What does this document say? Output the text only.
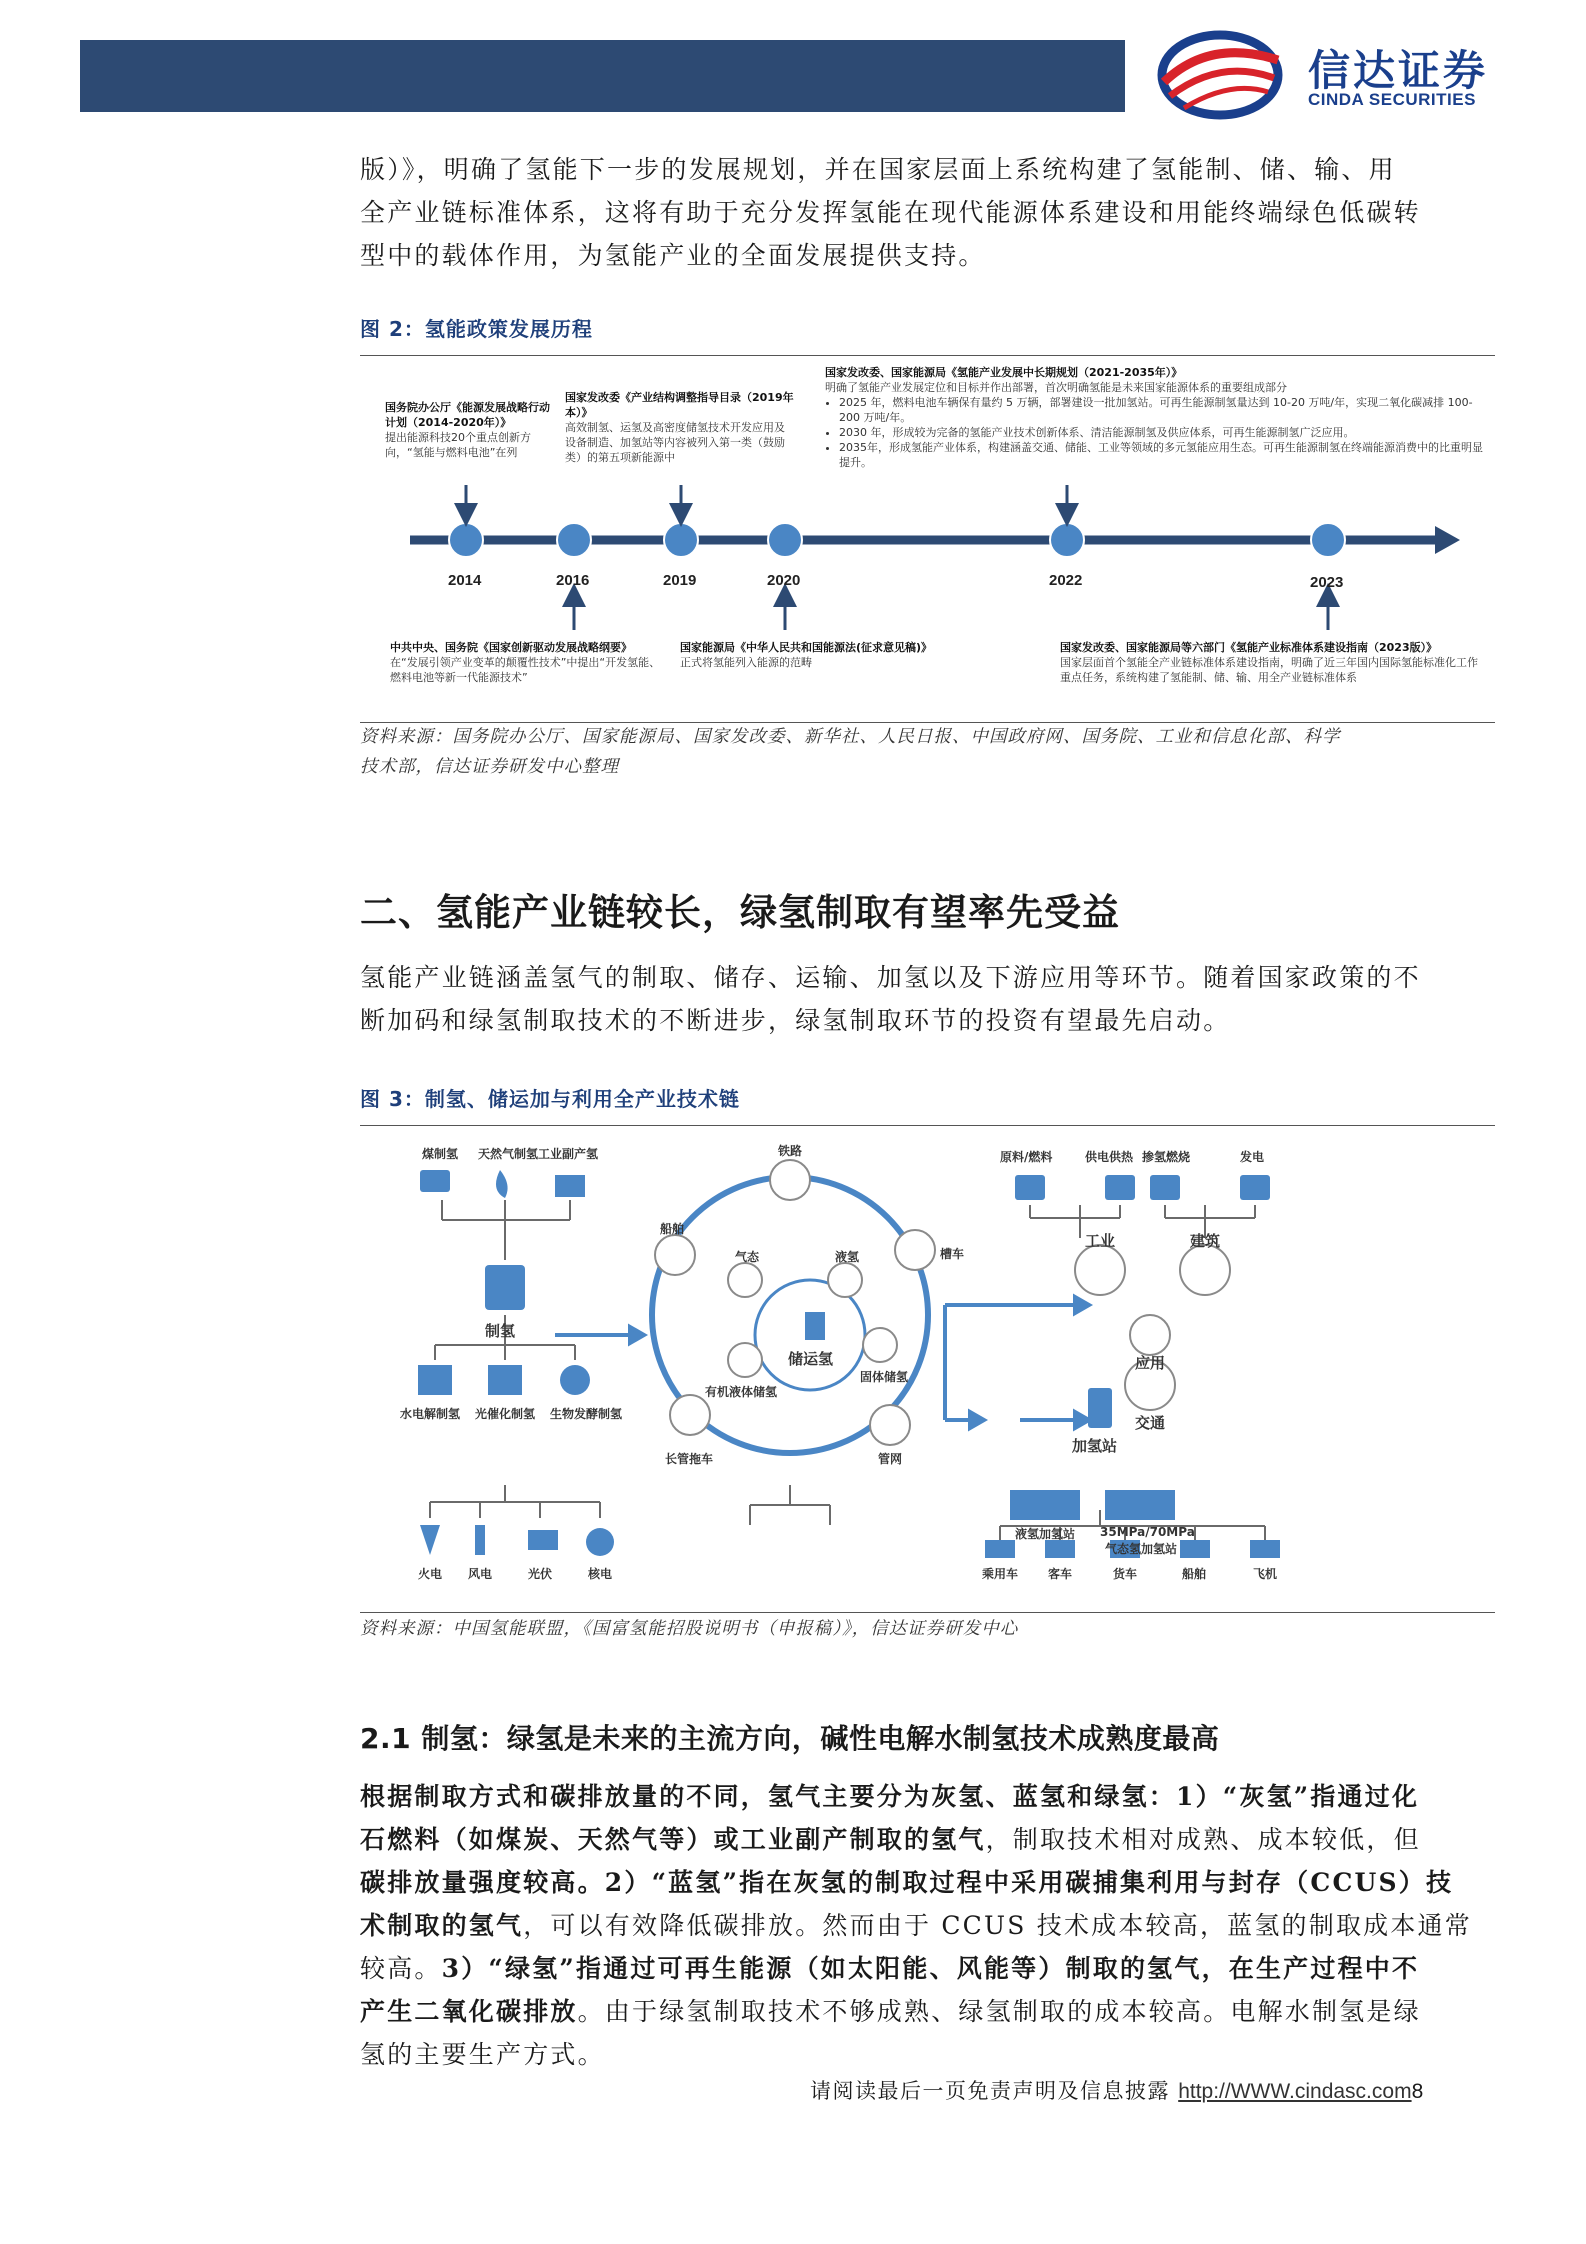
信达证券
CINDA SECURITIES
版）》，明确了氢能下一步的发展规划，并在国家层面上系统构建了氢能制、储、输、用
全产业链标准体系，这将有助于充分发挥氢能在现代能源体系建设和用能终端绿色低碳转
型中的载体作用，为氢能产业的全面发展提供支持。
图 2：氢能政策发展历程
国务院办公厅《能源发展战略行动计划（2014-2020年）》
提出能源科技20个重点创新方向，“氢能与燃料电池”在列
国家发改委《产业结构调整指导目录（2019年本）》
高效制氢、运氢及高密度储氢技术开发应用及设备制造、加氢站等内容被列入第一类（鼓励类）的第五项新能源中
国家发改委、国家能源局《氢能产业发展中长期规划（2021-2035年）》
明确了氢能产业发展定位和目标并作出部署，首次明确氢能是未来国家能源体系的重要组成部分
• 2025 年，燃料电池车辆保有量约 5 万辆，部署建设一批加氢站。可再生能源制氢量达到 10-20 万吨/年，实现二氧化碳减排 100-200 万吨/年。
• 2030 年，形成较为完备的氢能产业技术创新体系、清洁能源制氢及供应体系，可再生能源制氢广泛应用。
• 2035年，形成氢能产业体系，构建涵盖交通、储能、工业等领域的多元氢能应用生态。可再生能源制氢在终端能源消费中的比重明显提升。
2014	2016	2019	2020	2022	2023
中共中央、国务院《国家创新驱动发展战略纲要》
在“发展引领产业变革的颠覆性技术”中提出“开发氢能、燃料电池等新一代能源技术”
国家能源局《中华人民共和国能源法(征求意见稿)》
正式将氢能列入能源的范畴
国家发改委、国家能源局等六部门《氢能产业标准体系建设指南（2023版）》
国家层面首个氢能全产业链标准体系建设指南，明确了近三年国内国际氢能标准化工作重点任务，系统构建了氢能制、储、输、用全产业链标准体系
资料来源：国务院办公厅、国家能源局、国家发改委、新华社、人民日报、中国政府网、国务院、工业和信息化部、科学
技术部，信达证券研发中心整理
二、氢能产业链较长，绿氢制取有望率先受益
氢能产业链涵盖氢气的制取、储存、运输、加氢以及下游应用等环节。随着国家政策的不
断加码和绿氢制取技术的不断进步，绿氢制取环节的投资有望最先启动。
图 3：制氢、储运加与利用全产业技术链
煤制氢 天然气制氢 工业副产氢
制氢
水电解制氢 光催化制氢 生物发酵制氢
火电 风电	光伏	核电
铁路
槽车
管网
长管拖车
船舶
气态	液氢
固体储氢
有机液体储氢
储运氢
加氢站
液氢加氢站 35MPa/70MPa
气态氢加氢站
原料/燃料	供电供热 掺氢燃烧	发电
工业	建筑
应用
交通
乘用车 客车	货车	船舶	飞机
资料来源：中国氢能联盟，《国富氢能招股说明书（申报稿）》，信达证券研发中心
2.1 制氢：绿氢是未来的主流方向，碱性电解水制氢技术成熟度最高
根据制取方式和碳排放量的不同，氢气主要分为灰氢、蓝氢和绿氢：1）“灰氢”指通过化
石燃料（如煤炭、天然气等）或工业副产制取的氢气，制取技术相对成熟、成本较低，但
碳排放量强度较高。2）“蓝氢”指在灰氢的制取过程中采用碳捕集利用与封存（CCUS）技
术制取的氢气，可以有效降低碳排放。然而由于 CCUS 技术成本较高，蓝氢的制取成本通常
较高。3）“绿氢”指通过可再生能源（如太阳能、风能等）制取的氢气，在生产过程中不
产生二氧化碳排放。由于绿氢制取技术不够成熟、绿氢制取的成本较高。电解水制氢是绿
氢的主要生产方式。
请阅读最后一页免责声明及信息披露 http://WWW.cindasc.com8
